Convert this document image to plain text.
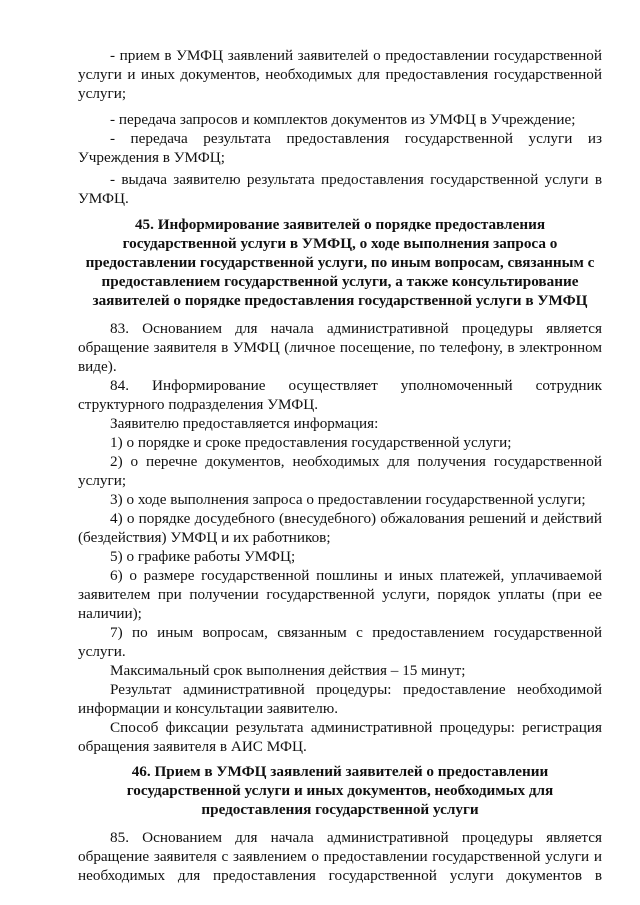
- прием в УМФЦ заявлений заявителей о предоставлении государственной
услуги и иных документов, необходимых для предоставления государственной
услуги;
- передача запросов и комплектов документов из УМФЦ в Учреждение;
- передача результата предоставления государственной услуги из
Учреждения в УМФЦ;
- выдача заявителю результата предоставления государственной услуги в
УМФЦ.
45. Информирование заявителей о порядке предоставления
государственной услуги в УМФЦ, о ходе выполнения запроса о
предоставлении государственной услуги, по иным вопросам, связанным с
предоставлением государственной услуги, а также консультирование
заявителей о порядке предоставления государственной услуги в УМФЦ
83. Основанием для начала административной процедуры является
обращение заявителя в УМФЦ (личное посещение, по телефону, в электронном
виде).
84. Информирование осуществляет уполномоченный сотрудник
структурного подразделения УМФЦ.
Заявителю предоставляется информация:
1) о порядке и сроке предоставления государственной услуги;
2) о перечне документов, необходимых для получения государственной
услуги;
3) о ходе выполнения запроса о предоставлении государственной услуги;
4) о порядке досудебного (внесудебного) обжалования решений и действий
(бездействия) УМФЦ и их работников;
5) о графике работы УМФЦ;
6) о размере государственной пошлины и иных платежей, уплачиваемой
заявителем при получении государственной услуги, порядок уплаты (при ее
наличии);
7) по иным вопросам, связанным с предоставлением государственной
услуги.
Максимальный срок выполнения действия – 15 минут;
Результат административной процедуры: предоставление необходимой
информации и консультации заявителю.
Способ фиксации результата административной процедуры: регистрация
обращения заявителя в АИС МФЦ.
46. Прием в УМФЦ заявлений заявителей о предоставлении
государственной услуги и иных документов, необходимых для
предоставления государственной услуги
85. Основанием для начала административной процедуры является
обращение заявителя с заявлением о предоставлении государственной услуги и
необходимых для предоставления государственной услуги документов в
